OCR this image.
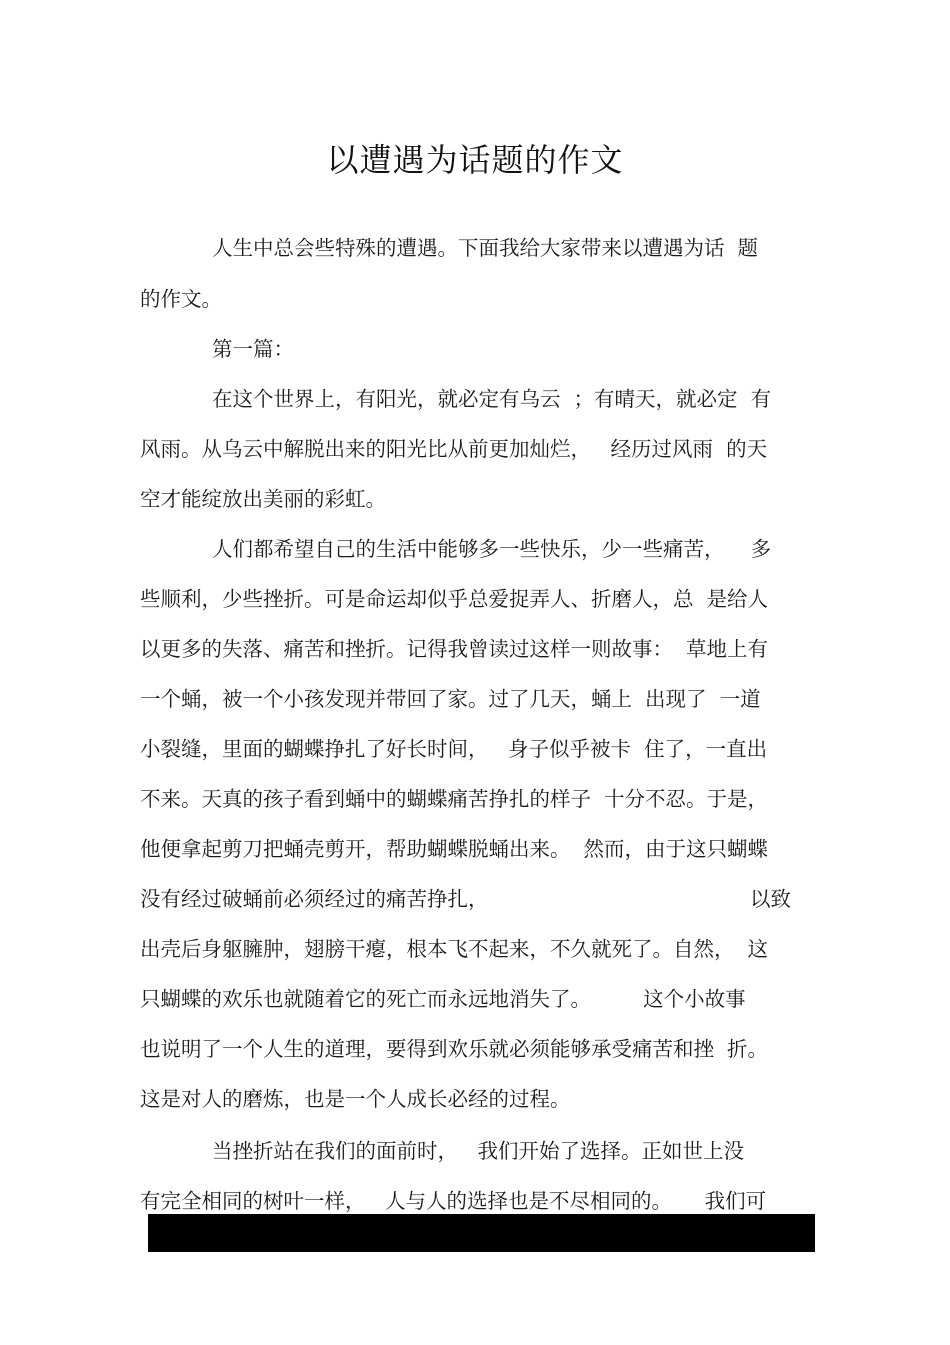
以遭遇为话题的作文
人生中总会些特殊的遭遇。下面我给大家带来以遭遇为话  题
的作文。
第一篇：
在这个世界上，有阳光，就必定有乌云  ；有晴天，就必定  有
风雨。从乌云中解脱出来的阳光比从前更加灿烂，   经历过风雨  的天
空才能绽放出美丽的彩虹。
人们都希望自己的生活中能够多一些快乐，少一些痛苦，    多
些顺利，少些挫折。可是命运却似乎总爱捉弄人、折磨人，总  是给人
以更多的失落、痛苦和挫折。记得我曾读过这样一则故事：  草地上有
一个蛹，被一个小孩发现并带回了家。过了几天，蛹上  出现了  一道
小裂缝，里面的蝴蝶挣扎了好长时间，   身子似乎被卡  住了，一直出
不来。天真的孩子看到蛹中的蝴蝶痛苦挣扎的样子  十分不忍。于是，
他便拿起剪刀把蛹壳剪开，帮助蝴蝶脱蛹出来。  然而，由于这只蝴蝶
没有经过破蛹前必须经过的痛苦挣扎，	以致
出壳后身躯臃肿，翅膀干瘪，根本飞不起来，不久就死了。自然，  这
只蝴蝶的欢乐也就随着它的死亡而永远地消失了。        这个小故事
也说明了一个人生的道理，要得到欢乐就必须能够承受痛苦和挫  折。
这是对人的磨炼，也是一个人成长必经的过程。
当挫折站在我们的面前时，   我们开始了选择。正如世上没
有完全相同的树叶一样，   人与人的选择也是不尽相同的。     我们可
